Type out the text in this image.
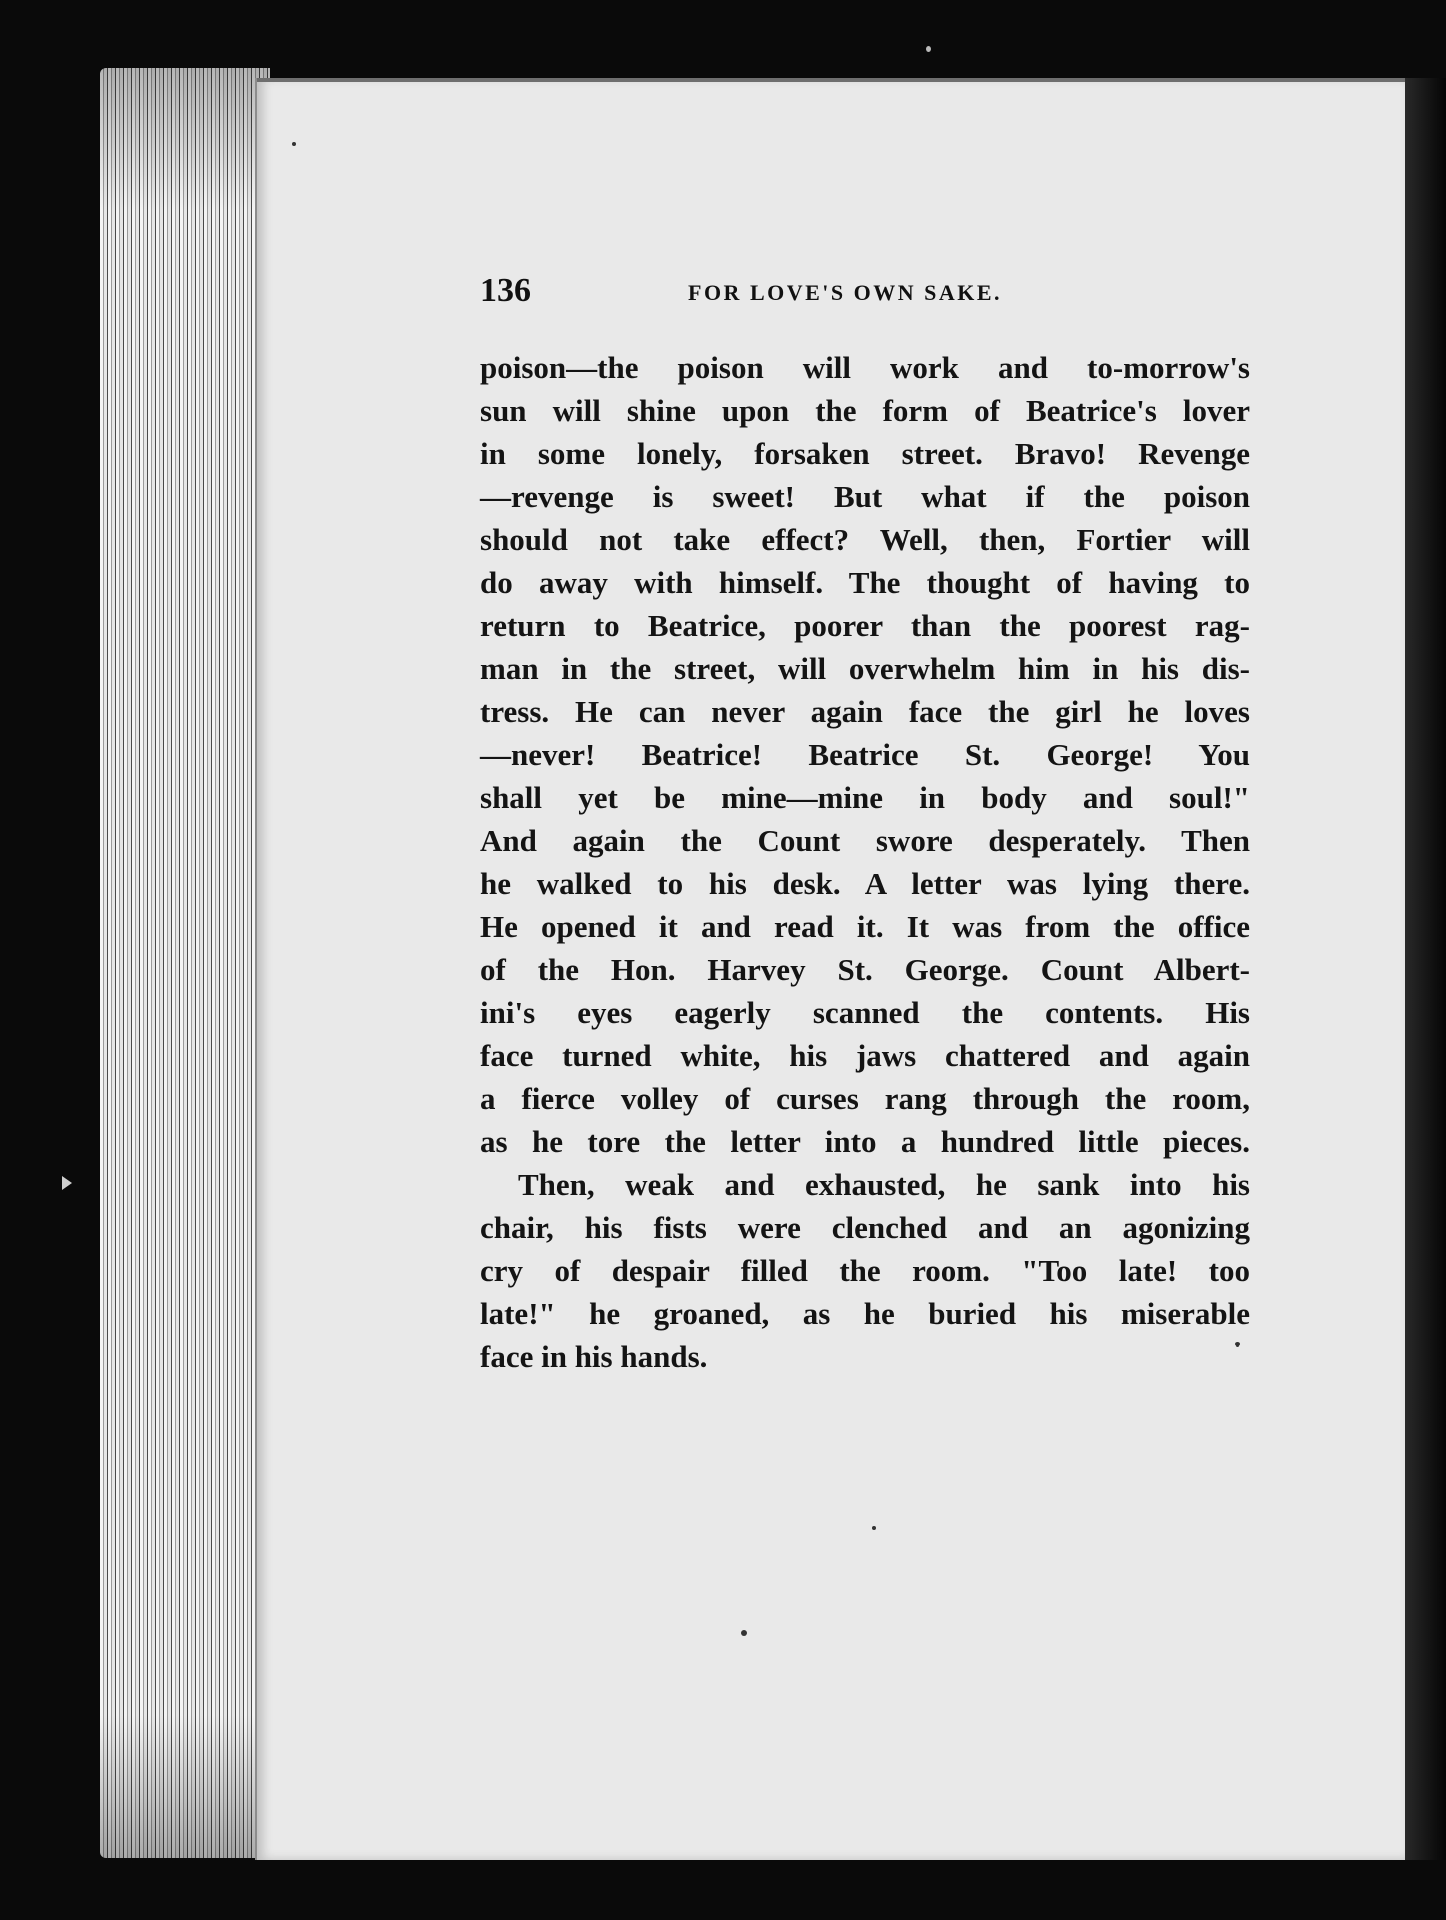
136	FOR LOVE'S OWN SAKE.
poison—the poison will work and to-morrow's
sun will shine upon the form of Beatrice's lover
in some lonely, forsaken street. Bravo! Revenge
—revenge is sweet! But what if the poison
should not take effect? Well, then, Fortier will
do away with himself. The thought of having to
return to Beatrice, poorer than the poorest rag-
man in the street, will overwhelm him in his dis-
tress. He can never again face the girl he loves
—never! Beatrice! Beatrice St. George! You
shall yet be mine—mine in body and soul!"
And again the Count swore desperately. Then
he walked to his desk. A letter was lying there.
He opened it and read it. It was from the office
of the Hon. Harvey St. George. Count Albert-
ini's eyes eagerly scanned the contents. His
face turned white, his jaws chattered and again
a fierce volley of curses rang through the room,
as he tore the letter into a hundred little pieces.
Then, weak and exhausted, he sank into his
chair, his fists were clenched and an agonizing
cry of despair filled the room. "Too late! too
late!" he groaned, as he buried his miserable
face in his hands.
